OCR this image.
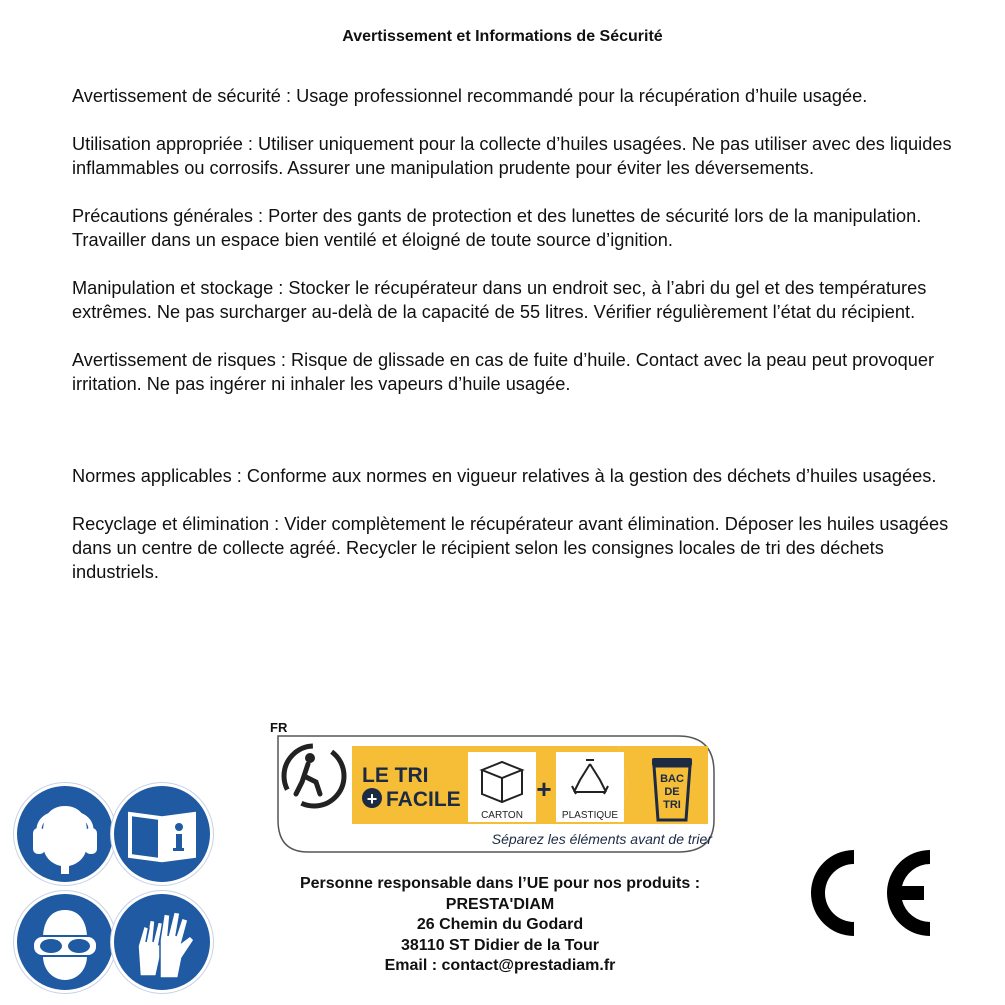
Avertissement et Informations de Sécurité

Avertissement de sécurité : Usage professionnel recommandé pour la récupération d’huile usagée.

Utilisation appropriée : Utiliser uniquement pour la collecte d’huiles usagées. Ne pas utiliser avec des liquides inflammables ou corrosifs. Assurer une manipulation prudente pour éviter les déversements.

Précautions générales : Porter des gants de protection et des lunettes de sécurité lors de la manipulation. Travailler dans un espace bien ventilé et éloigné de toute source d’ignition.

Manipulation et stockage : Stocker le récupérateur dans un endroit sec, à l’abri du gel et des températures extrêmes. Ne pas surcharger au-delà de la capacité de 55 litres. Vérifier régulièrement l’état du récipient.

Avertissement de risques : Risque de glissade en cas de fuite d’huile. Contact avec la peau peut provoquer irritation. Ne pas ingérer ni inhaler les vapeurs d’huile usagée.

Normes applicables : Conforme aux normes en vigueur relatives à la gestion des déchets d’huiles usagées.

Recyclage et élimination : Vider complètement le récupérateur avant élimination. Déposer les huiles usagées dans un centre de collecte agréé. Recycler le récipient selon les consignes locales de tri des déchets industriels.

FR
LE TRI
+ FACILE
CARTON
+
PLASTIQUE
BAC
DE
TRI
Séparez les éléments avant de trier
Personne responsable dans l’UE pour nos produits :
PRESTA'DIAM
26 Chemin du Godard
38110 ST Didier de la Tour
Email : contact@prestadiam.fr
